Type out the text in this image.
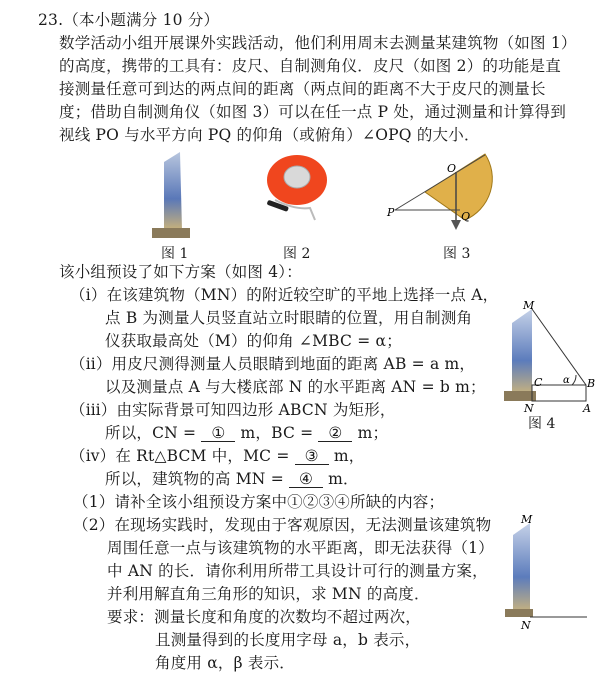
23.（本小题满分 10 分）
数学活动小组开展课外实践活动，他们利用周末去测量某建筑物（如图 1）
的高度，携带的工具有：皮尺、自制测角仪．皮尺（如图 2）的功能是直
接测量任意可到达的两点间的距离（两点间的距离不大于皮尺的测量长
度；借助自制测角仪（如图 3）可以在任一点 P 处，通过测量和计算得到
视线 PO 与水平方向 PQ 的仰角（或俯角）∠OPQ 的大小．
图 1	图 2
P
O
Q
图 3
该小组预设了如下方案（如图 4）：
（ⅰ）在该建筑物（MN）的附近较空旷的平地上选择一点 A，
点 B 为测量人员竖直站立时眼睛的位置，用自制测角
仪获取最高处（M）的仰角 ∠MBC = α；
（ⅱ）用皮尺测得测量人员眼睛到地面的距离 AB = a m，
以及测量点 A 与大楼底部 N 的水平距离 AN = b m；
（ⅲ）由实际背景可知四边形 ABCN 为矩形，
所以，CN = ① m，BC = ② m；
（ⅳ）在 Rt△BCM 中，MC = ③ m，
所以，建筑物的高 MN = ④ m．
M
C α B
N	A
图 4
（1）请补全该小组预设方案中①②③④所缺的内容；
（2）在现场实践时，发现由于客观原因，无法测量该建筑物
周围任意一点与该建筑物的水平距离，即无法获得（1）
中 AN 的长．请你利用所带工具设计可行的测量方案，
并利用解直角三角形的知识，求 MN 的高度．
要求：测量长度和角度的次数均不超过两次，
且测量得到的长度用字母 a，b 表示，
角度用 α，β 表示．
M
N
